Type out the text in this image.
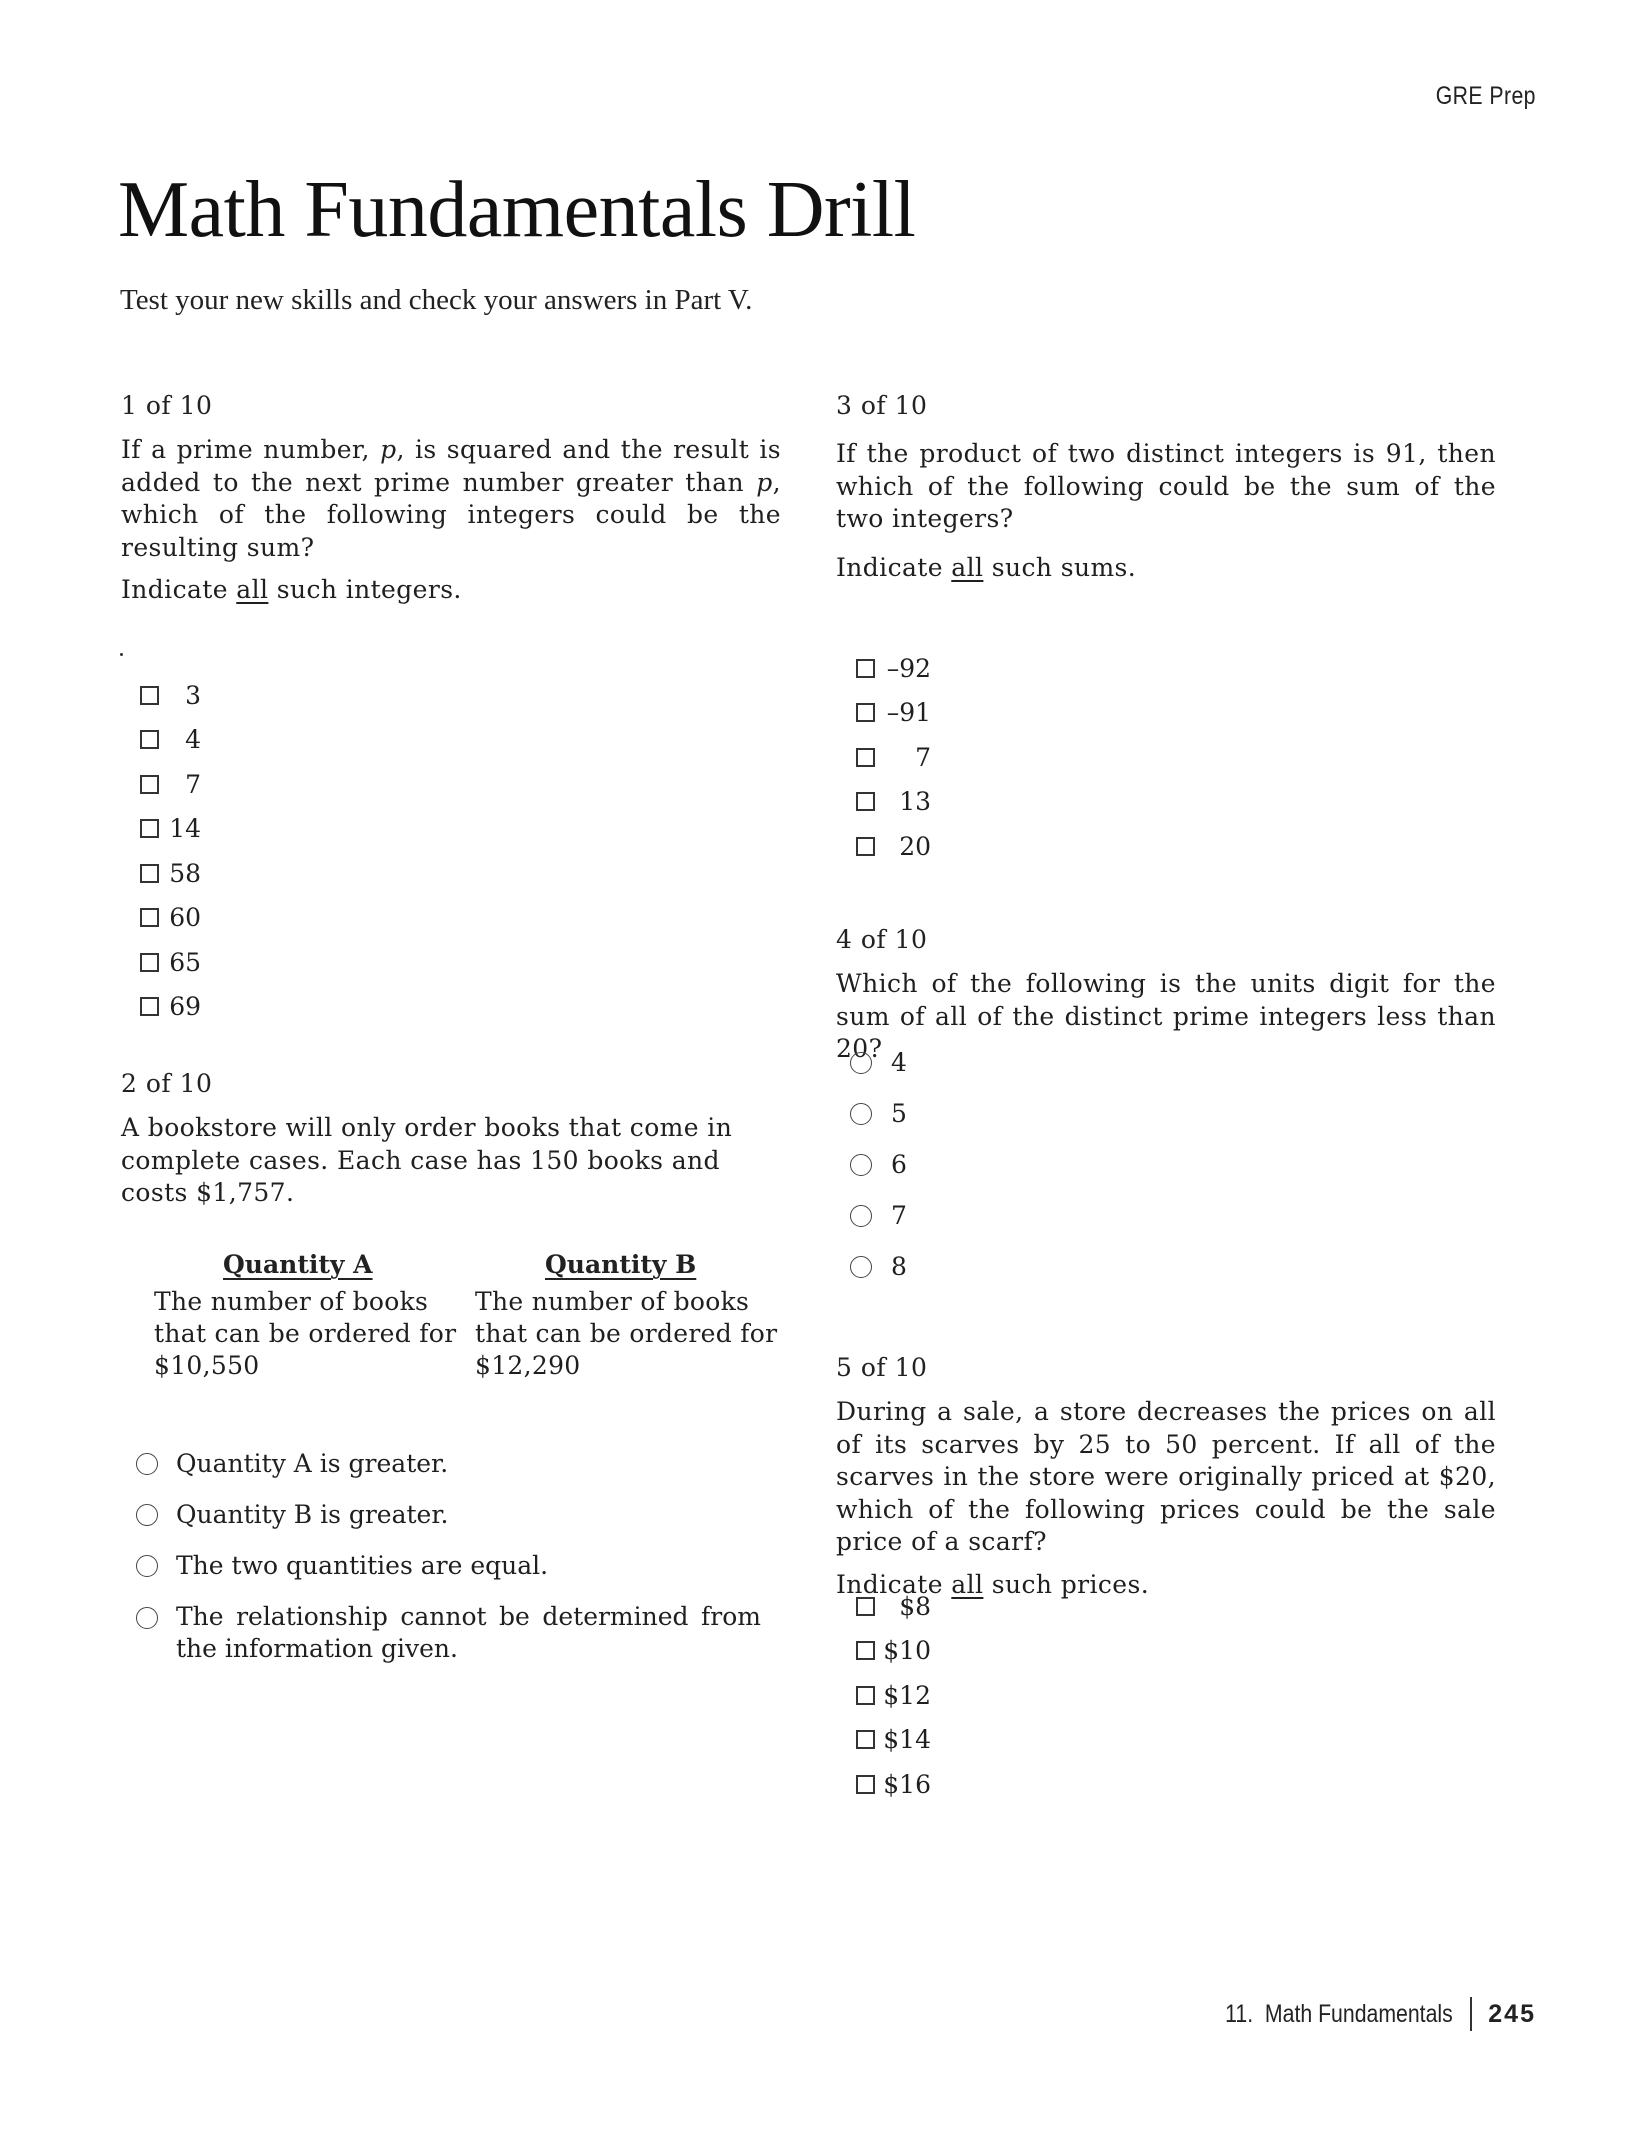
GRE Prep
Math Fundamentals Drill

Test your new skills and check your answers in Part V.

1 of 10

If a prime number, p, is squared and the result is added to the next prime number greater than p, which of the following integers could be the resulting sum?

Indicate all such integers.

3
4
7
14
58
60
65
69

2 of 10

A bookstore will only order books that come in
complete cases. Each case has 150 books and
costs $1,757.

Quantity A	Quantity B
The number of books
that can be ordered for
$10,550
The number of books
that can be ordered for
$12,290
Quantity A is greater.
Quantity B is greater.
The two quantities are equal.
The relationship cannot be determined from the information given.

3 of 10

If the product of two distinct integers is 91, then which of the following could be the sum of the two integers?

Indicate all such sums.

–92
–91
7
13
20

4 of 10

Which of the following is the units digit for the sum of all of the distinct prime integers less than 20? 4
5
6
7
8

5 of 10

During a sale, a store decreases the prices on all of its scarves by 25 to 50 percent. If all of the scarves in the store were originally priced at $20, which of the following prices could be the sale price of a scarf?

Indicate all such prices.

$8
$10
$12
$14
$16
11.  Math Fundamentals 245
